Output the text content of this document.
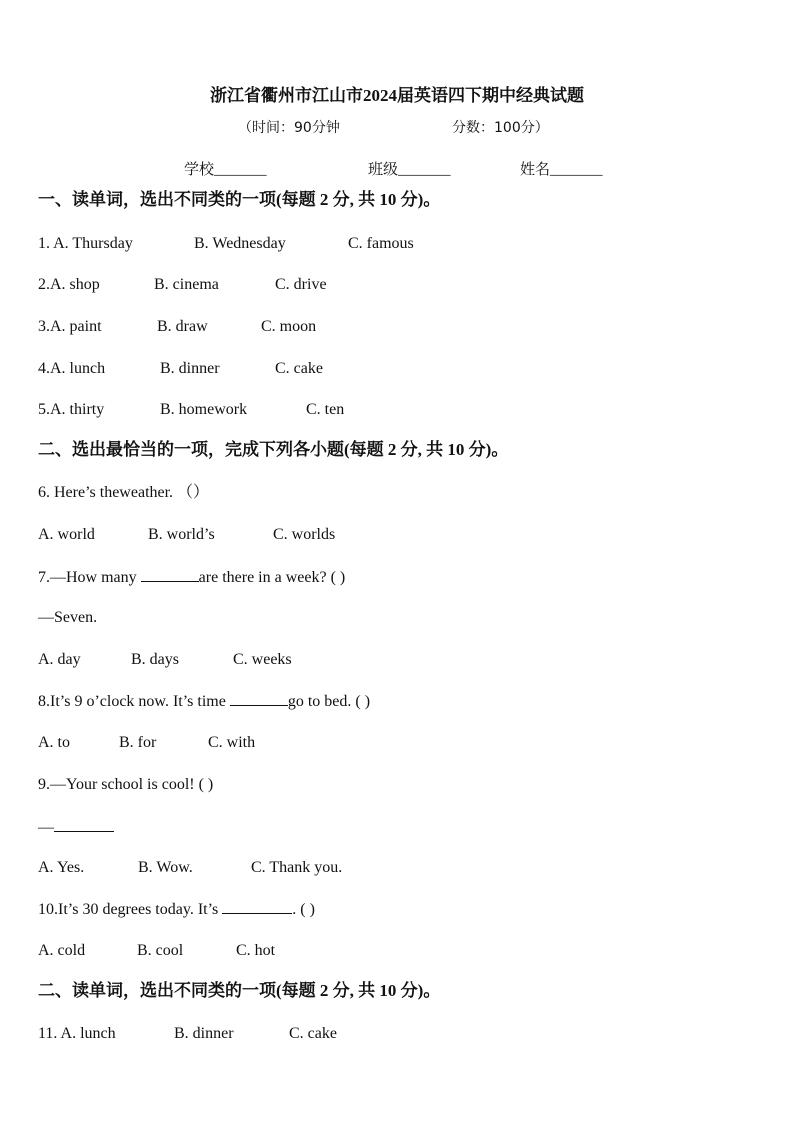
浙江省衢州市江山市2024届英语四下期中经典试题
（时间：90分钟	分数：100分）
学校_______	班级_______	姓名_______
一、读单词，选出不同类的一项(每题 2 分, 共 10 分)。
1. A. Thursday	B. Wednesday	C. famous
2.A. shop	B. cinema	C. drive
3.A. paint	B. draw	C. moon
4.A. lunch	B. dinner	C. cake
5.A. thirty	B. homework	C. ten
二、选出最恰当的一项，完成下列各小题(每题 2 分, 共 10 分)。
6. Here’s theweather. （）
A. world	B. world’s	C. worlds
7.—How many	are there in a week? ( )
—Seven.
A. day	B. days	C. weeks
8.It’s 9 o’clock now. It’s time	go to bed. ( )
A. to	B. for	C. with
9.—Your school is cool! ( )
—
A. Yes.	B. Wow.	C. Thank you.
10.It’s 30 degrees today. It’s	. ( )
A. cold	B. cool	C. hot
二、读单词，选出不同类的一项(每题 2 分, 共 10 分)。
11. A. lunch	B. dinner	C. cake
